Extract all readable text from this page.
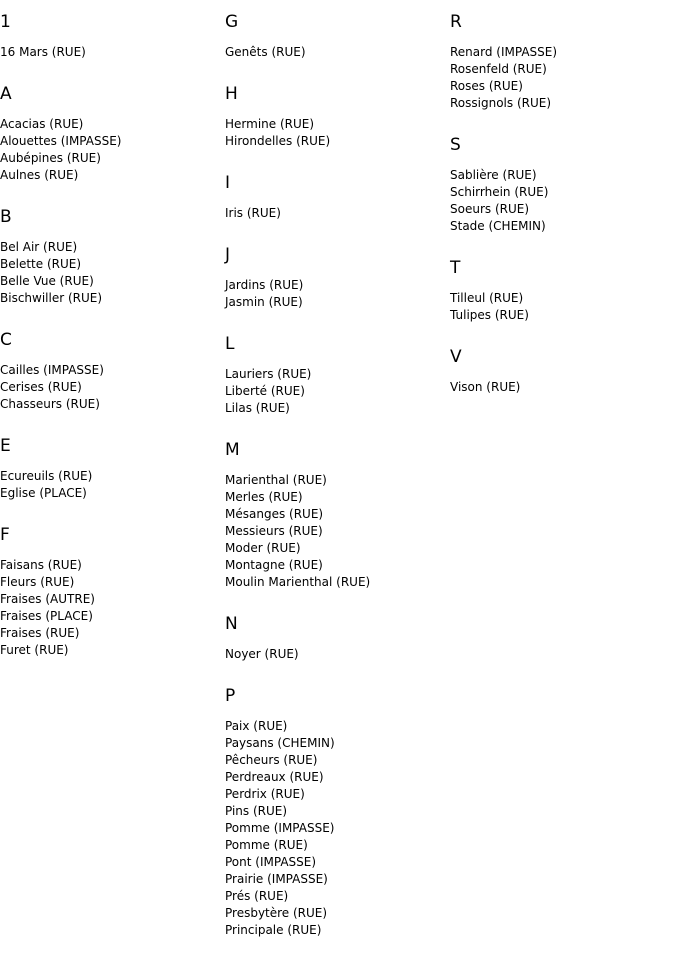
1
16 Mars (RUE)
A
Acacias (RUE)
Alouettes (IMPASSE)
Aubépines (RUE)
Aulnes (RUE)
B
Bel Air (RUE)
Belette (RUE)
Belle Vue (RUE)
Bischwiller (RUE)
C
Cailles (IMPASSE)
Cerises (RUE)
Chasseurs (RUE)
E
Ecureuils (RUE)
Eglise (PLACE)
F
Faisans (RUE)
Fleurs (RUE)
Fraises (AUTRE)
Fraises (PLACE)
Fraises (RUE)
Furet (RUE)
G
Genêts (RUE)
H
Hermine (RUE)
Hirondelles (RUE)
I
Iris (RUE)
J
Jardins (RUE)
Jasmin (RUE)
L
Lauriers (RUE)
Liberté (RUE)
Lilas (RUE)
M
Marienthal (RUE)
Merles (RUE)
Mésanges (RUE)
Messieurs (RUE)
Moder (RUE)
Montagne (RUE)
Moulin Marienthal (RUE)
N
Noyer (RUE)
P
Paix (RUE)
Paysans (CHEMIN)
Pêcheurs (RUE)
Perdreaux (RUE)
Perdrix (RUE)
Pins (RUE)
Pomme (IMPASSE)
Pomme (RUE)
Pont (IMPASSE)
Prairie (IMPASSE)
Prés (RUE)
Presbytère (RUE)
Principale (RUE)
R
Renard (IMPASSE)
Rosenfeld (RUE)
Roses (RUE)
Rossignols (RUE)
S
Sablière (RUE)
Schirrhein (RUE)
Soeurs (RUE)
Stade (CHEMIN)
T
Tilleul (RUE)
Tulipes (RUE)
V
Vison (RUE)
